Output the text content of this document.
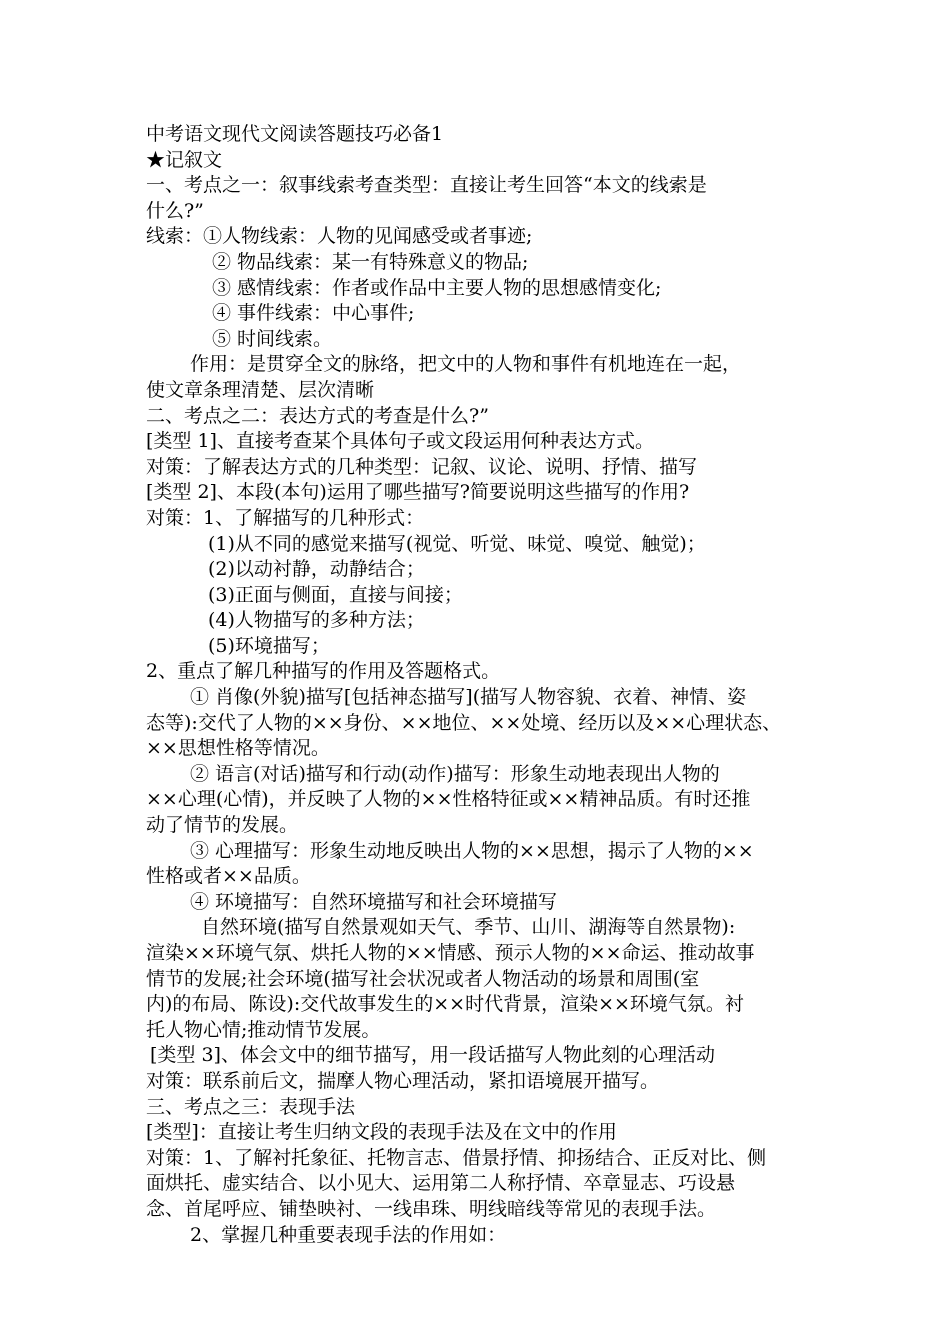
中考语文现代文阅读答题技巧必备1
★记叙文
一、考点之一：叙事线索考查类型：直接让考生回答“本文的线索是
什么?”
线索：①人物线索：人物的见闻感受或者事迹;
② 物品线索：某一有特殊意义的物品;
③ 感情线索：作者或作品中主要人物的思想感情变化;
④ 事件线索：中心事件;
⑤ 时间线索。
作用：是贯穿全文的脉络，把文中的人物和事件有机地连在一起，
使文章条理清楚、层次清晰
二、考点之二：表达方式的考查是什么?”
[类型 1]、直接考查某个具体句子或文段运用何种表达方式。
对策：了解表达方式的几种类型：记叙、议论、说明、抒情、描写
[类型 2]、本段(本句)运用了哪些描写?简要说明这些描写的作用?
对策：1、了解描写的几种形式：
(1)从不同的感觉来描写(视觉、听觉、味觉、嗅觉、触觉)；
(2)以动衬静，动静结合；
(3)正面与侧面，直接与间接；
(4)人物描写的多种方法；
(5)环境描写；
2、重点了解几种描写的作用及答题格式。
① 肖像(外貌)描写[包括神态描写](描写人物容貌、衣着、神情、姿
态等):交代了人物的××身份、××地位、××处境、经历以及××心理状态、
××思想性格等情况。
② 语言(对话)描写和行动(动作)描写：形象生动地表现出人物的
××心理(心情)，并反映了人物的××性格特征或××精神品质。有时还推
动了情节的发展。
③ 心理描写：形象生动地反映出人物的××思想，揭示了人物的××
性格或者××品质。
④ 环境描写：自然环境描写和社会环境描写
自然环境(描写自然景观如天气、季节、山川、湖海等自然景物):
渲染××环境气氛、烘托人物的××情感、预示人物的××命运、推动故事
情节的发展;社会环境(描写社会状况或者人物活动的场景和周围(室
内)的布局、陈设):交代故事发生的××时代背景，渲染××环境气氛。衬
托人物心情;推动情节发展。
[类型 3]、体会文中的细节描写，用一段话描写人物此刻的心理活动
对策：联系前后文，揣摩人物心理活动，紧扣语境展开描写。
三、考点之三：表现手法
[类型]：直接让考生归纳文段的表现手法及在文中的作用
对策：1、了解衬托象征、托物言志、借景抒情、抑扬结合、正反对比、侧
面烘托、虚实结合、以小见大、运用第二人称抒情、卒章显志、巧设悬
念、首尾呼应、铺垫映衬、一线串珠、明线暗线等常见的表现手法。
2、掌握几种重要表现手法的作用如：
